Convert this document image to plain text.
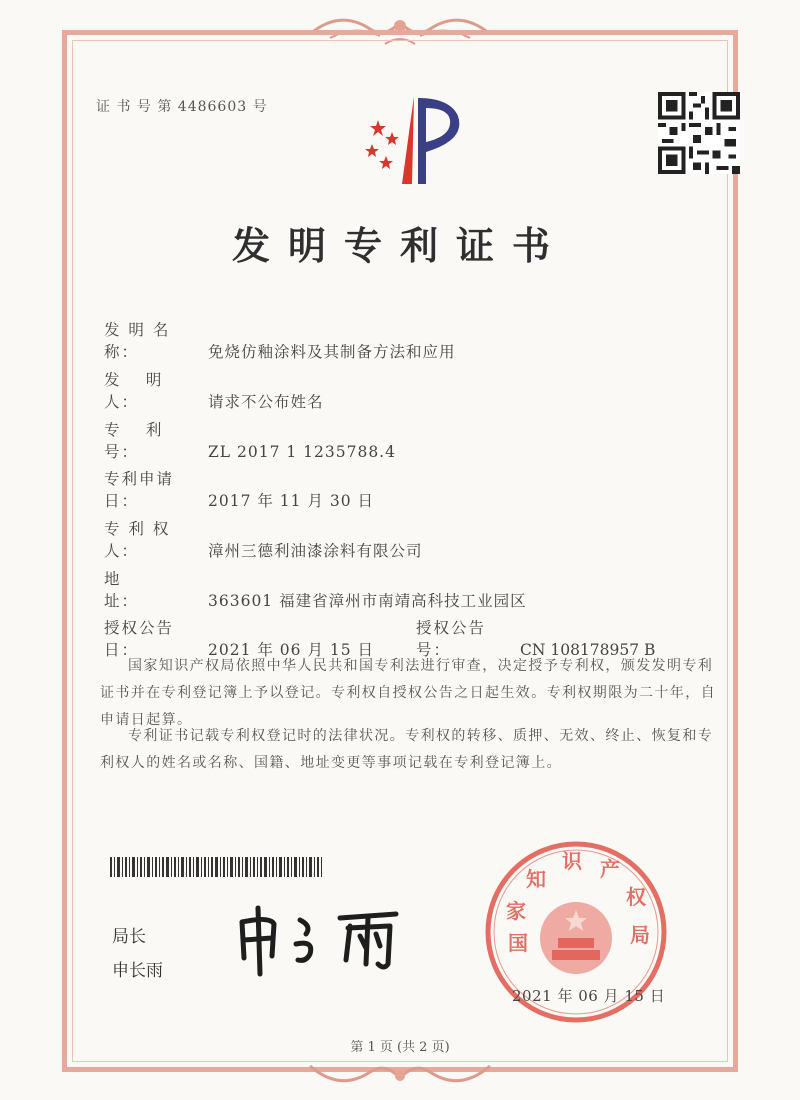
证 书 号 第 4486603 号
发明专利证书
发 明 名 称：	免烧仿釉涂料及其制备方法和应用
发　 明　 人：	请求不公布姓名
专　 利　 号：	ZL 2017 1 1235788.4
专利申请日：	2017 年 11 月 30 日
专 利 权 人：	漳州三德利油漆涂料有限公司
地　　　址：	363601 福建省漳州市南靖高科技工业园区
授权公告日：	2021 年 06 月 15 日
授权公告号：	CN 108178957 B
国家知识产权局依照中华人民共和国专利法进行审查，决定授予专利权，颁发发明专利证书并在专利登记簿上予以登记。专利权自授权公告之日起生效。专利权期限为二十年，自申请日起算。
专利证书记载专利权登记时的法律状况。专利权的转移、质押、无效、终止、恢复和专利权人的姓名或名称、国籍、地址变更等事项记载在专利登记簿上。
局长
申长雨
国
家
知
识 产
权
局
2021 年 06 月 15 日
第 1 页 (共 2 页)
